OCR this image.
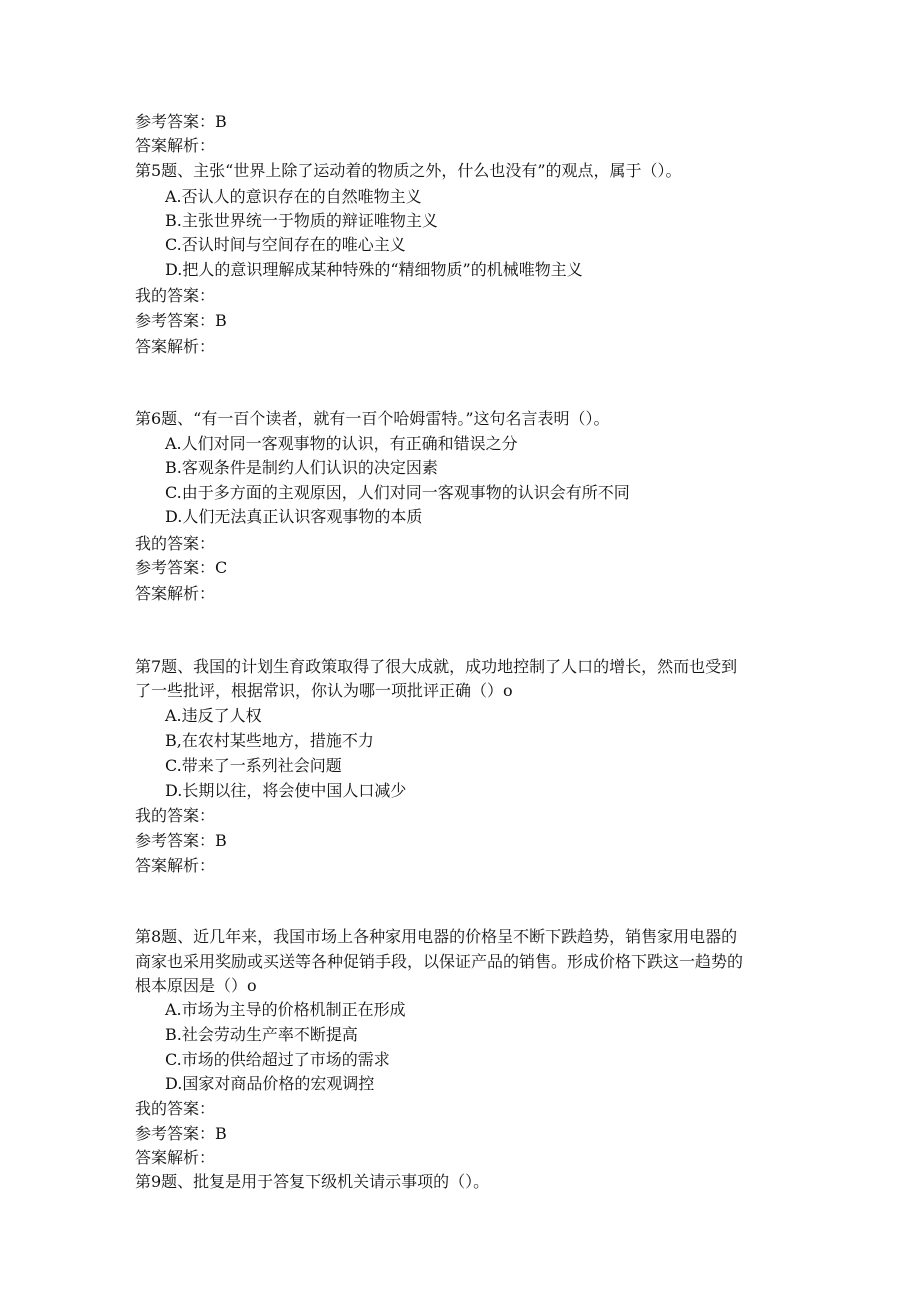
参考答案：B
答案解析：
第5题、主张“世界上除了运动着的物质之外，什么也没有”的观点，属于（）。
A.否认人的意识存在的自然唯物主义
B.主张世界统一于物质的辩证唯物主义
C.否认时间与空间存在的唯心主义
D.把人的意识理解成某种特殊的“精细物质”的机械唯物主义
我的答案：
参考答案：B
答案解析：
第6题、“有一百个读者，就有一百个哈姆雷特。”这句名言表明（）。
A.人们对同一客观事物的认识，有正确和错误之分
B.客观条件是制约人们认识的决定因素
C.由于多方面的主观原因，人们对同一客观事物的认识会有所不同
D.人们无法真正认识客观事物的本质
我的答案：
参考答案：C
答案解析：
第7题、我国的计划生育政策取得了很大成就，成功地控制了人口的增长，然而也受到
了一些批评，根据常识，你认为哪一项批评正确（）o
A.违反了人权
B,在农村某些地方，措施不力
C.带来了一系列社会问题
D.长期以往，将会使中国人口减少
我的答案：
参考答案：B
答案解析：
第8题、近几年来，我国市场上各种家用电器的价格呈不断下跌趋势，销售家用电器的
商家也采用奖励或买送等各种促销手段，以保证产品的销售。形成价格下跌这一趋势的
根本原因是（）o
A.市场为主导的价格机制正在形成
B.社会劳动生产率不断提高
C.市场的供给超过了市场的需求
D.国家对商品价格的宏观调控
我的答案：
参考答案：B
答案解析：
第9题、批复是用于答复下级机关请示事项的（）。
